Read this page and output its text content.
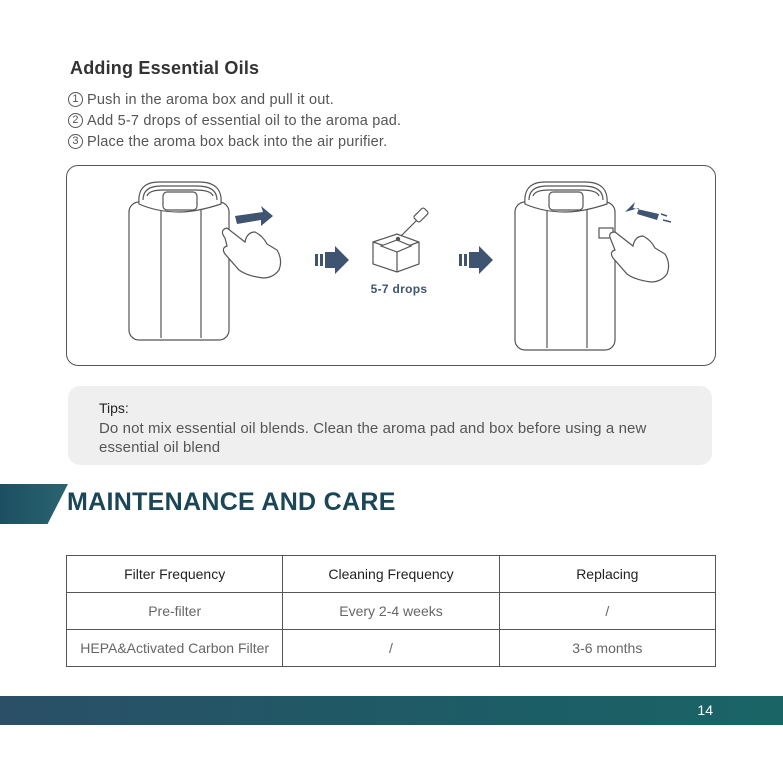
Adding Essential Oils
1 Push in the aroma box and pull it out.
2 Add 5-7 drops of essential oil to the aroma pad.
3 Place the aroma box back into the air purifier.
5-7 drops

Tips:

Do not mix essential oil blends. Clean the aroma pad and box before using a new essential oil blend

MAINTENANCE AND CARE
Filter Frequency	Cleaning Frequency	Replacing
Pre-filter	Every 2-4 weeks	/
HEPA&Activated Carbon Filter	/	3-6 months
14
